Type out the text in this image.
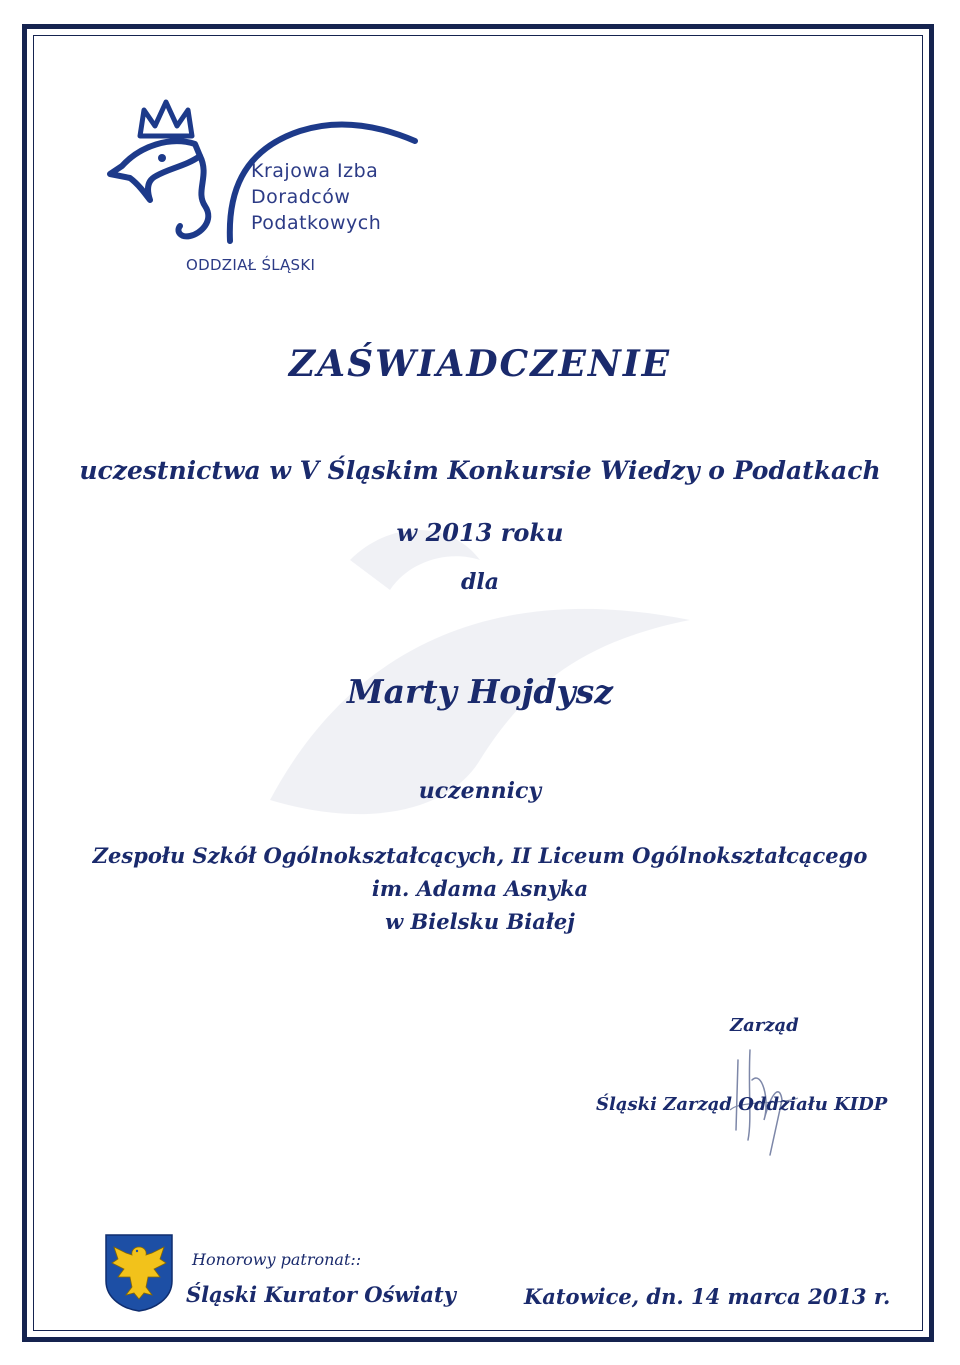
Krajowa Izba
Doradców
Podatkowych
ODDZIAŁ ŚLĄSKI
ZAŚWIADCZENIE
uczestnictwa w V Śląskim Konkursie Wiedzy o Podatkach
w 2013 roku
dla
Marty Hojdysz
uczennicy
Zespołu Szkół Ogólnokształcących, II Liceum Ogólnokształcącego
im. Adama Asnyka
w Bielsku Białej
Zarząd
Śląski Zarząd Oddziału KIDP
Honorowy patronat::
Śląski Kurator Oświaty	Katowice, dn. 14 marca 2013 r.
